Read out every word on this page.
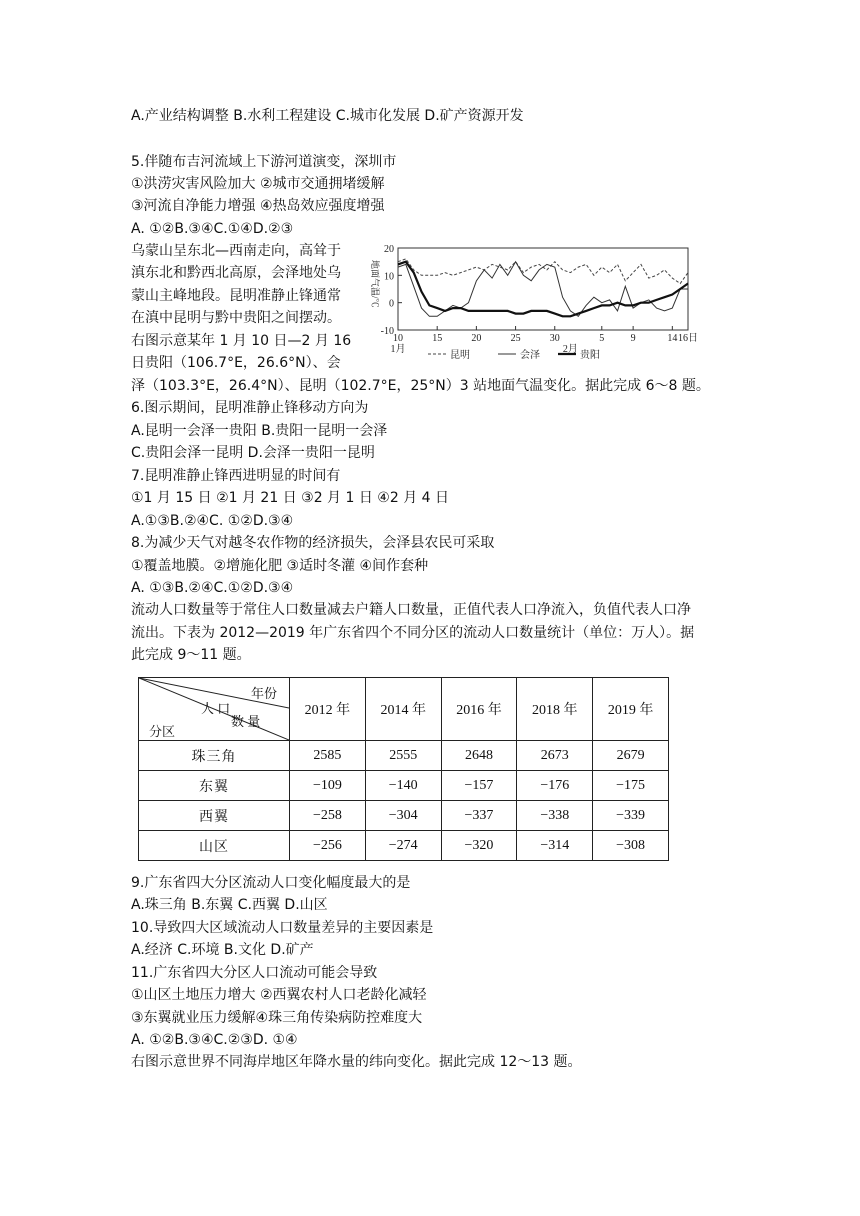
A.产业结构调整 B.水利工程建设 C.城市化发展 D.矿产资源开发
5.伴随布吉河流域上下游河道演变，深圳市
①洪涝灾害风险加大 ②城市交通拥堵缓解
③河流自净能力增强 ④热岛效应强度增强
A. ①②B.③④C.①④D.②③
乌蒙山呈东北—西南走向，高耸于
滇东北和黔西北高原，会泽地处乌
蒙山主峰地段。昆明准静止锋通常
在滇中昆明与黔中贵阳之间摆动。
右图示意某年 1 月 10 日—2 月 16
日贵阳（106.7°E，26.6°N）、会
泽（103.3°E，26.4°N）、昆明（102.7°E，25°N）3 站地面气温变化。据此完成 6～8 题。
20
10
0
-10
地面气温/℃
10	15	20	25	30	5	9	14 16日
1月	2月
昆明	会泽	贵阳
6.图示期间，昆明准静止锋移动方向为
A.昆明一会泽一贵阳 B.贵阳一昆明一会泽
C.贵阳会泽一昆明 D.会泽一贵阳一昆明
7.昆明准静止锋西进明显的时间有
①1 月 15 日 ②1 月 21 日 ③2 月 1 日 ④2 月 4 日
A.①③B.②④C. ①②D.③④
8.为减少天气对越冬农作物的经济损失，会泽县农民可采取
①覆盖地膜。②增施化肥 ③适时冬灌 ④间作套种
A. ①③B.②④C.①②D.③④
流动人口数量等于常住人口数量减去户籍人口数量，正值代表人口净流入，负值代表人口净
流出。下表为 2012—2019 年广东省四个不同分区的流动人口数量统计（单位：万人）。据
此完成 9～11 题。
年份
人 口
数 量
分区	2012 年	2014 年	2016 年	2018 年	2019 年
珠三角	2585	2555	2648	2673	2679
东翼	−109	−140	−157	−176	−175
西翼	−258	−304	−337	−338	−339
山区	−256	−274	−320	−314	−308
9.广东省四大分区流动人口变化幅度最大的是
A.珠三角 B.东翼 C.西翼 D.山区
10.导致四大区域流动人口数量差异的主要因素是
A.经济 C.环境 B.文化 D.矿产
11.广东省四大分区人口流动可能会导致
①山区土地压力增大 ②西翼农村人口老龄化减轻
③东翼就业压力缓解④珠三角传染病防控难度大
A. ①②B.③④C.②③D. ①④
右图示意世界不同海岸地区年降水量的纬向变化。据此完成 12～13 题。
